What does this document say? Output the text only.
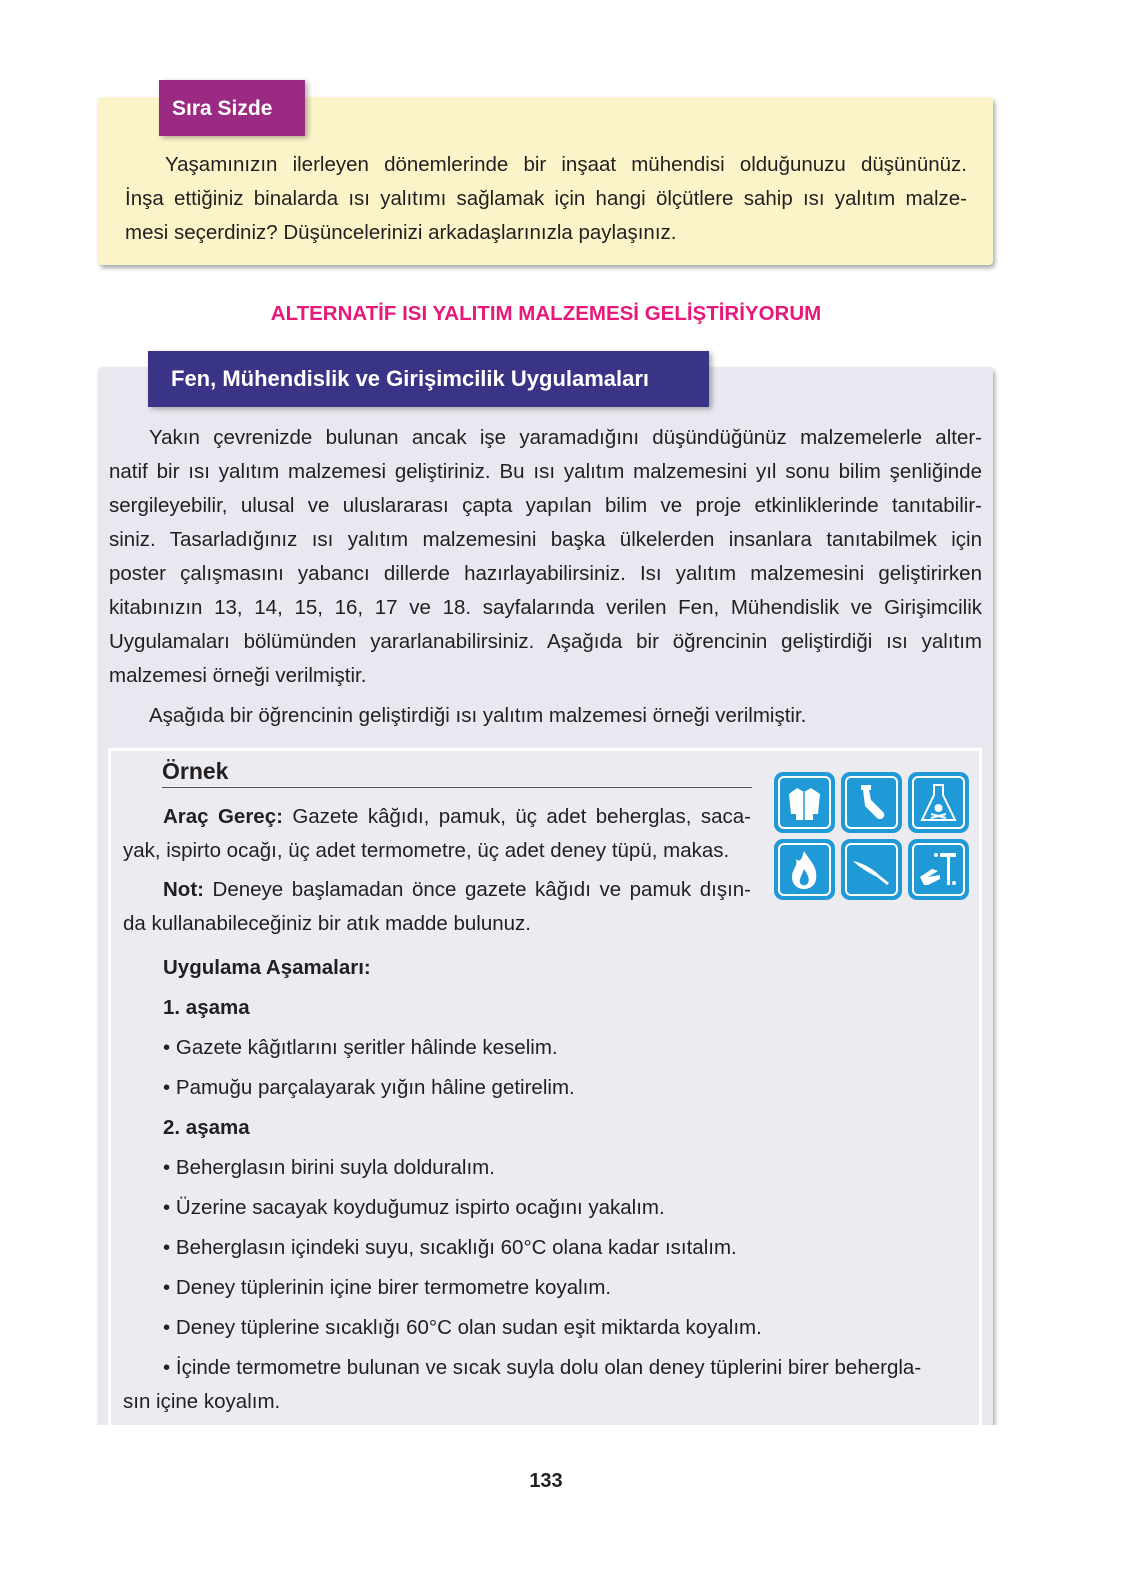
Sıra Sizde
Yaşamınızın ilerleyen dönemlerinde bir inşaat mühendisi olduğunuzu düşününüz.
İnşa ettiğiniz binalarda ısı yalıtımı sağlamak için hangi ölçütlere sahip ısı yalıtım malze-
mesi seçerdiniz? Düşüncelerinizi arkadaşlarınızla paylaşınız.
ALTERNATİF ISI YALITIM MALZEMESİ GELİŞTİRİYORUM
Fen, Mühendislik ve Girişimcilik Uygulamaları
Yakın çevrenizde bulunan ancak işe yaramadığını düşündüğünüz malzemelerle alter-
natif bir ısı yalıtım malzemesi geliştiriniz. Bu ısı yalıtım malzemesini yıl sonu bilim şenliğinde
sergileyebilir, ulusal ve uluslararası çapta yapılan bilim ve proje etkinliklerinde tanıtabilir-
siniz. Tasarladığınız ısı yalıtım malzemesini başka ülkelerden insanlara tanıtabilmek için
poster çalışmasını yabancı dillerde hazırlayabilirsiniz. Isı yalıtım malzemesini geliştirirken
kitabınızın 13, 14, 15, 16, 17 ve 18. sayfalarında verilen Fen, Mühendislik ve Girişimcilik
Uygulamaları bölümünden yararlanabilirsiniz. Aşağıda bir öğrencinin geliştirdiği ısı yalıtım
malzemesi örneği verilmiştir.
Aşağıda bir öğrencinin geliştirdiği ısı yalıtım malzemesi örneği verilmiştir.
Örnek
Araç Gereç: Gazete kâğıdı, pamuk, üç adet beherglas, saca-
yak, ispirto ocağı, üç adet termometre, üç adet deney tüpü, makas.
Not: Deneye başlamadan önce gazete kâğıdı ve pamuk dışın-
da kullanabileceğiniz bir atık madde bulunuz.
Uygulama Aşamaları:
1. aşama
• Gazete kâğıtlarını şeritler hâlinde keselim.
• Pamuğu parçalayarak yığın hâline getirelim.
2. aşama
• Beherglasın birini suyla dolduralım.
• Üzerine sacayak koyduğumuz ispirto ocağını yakalım.
• Beherglasın içindeki suyu, sıcaklığı 60°C olana kadar ısıtalım.
• Deney tüplerinin içine birer termometre koyalım.
• Deney tüplerine sıcaklığı 60°C olan sudan eşit miktarda koyalım.
• İçinde termometre bulunan ve sıcak suyla dolu olan deney tüplerini birer behergla-
sın içine koyalım.
133
